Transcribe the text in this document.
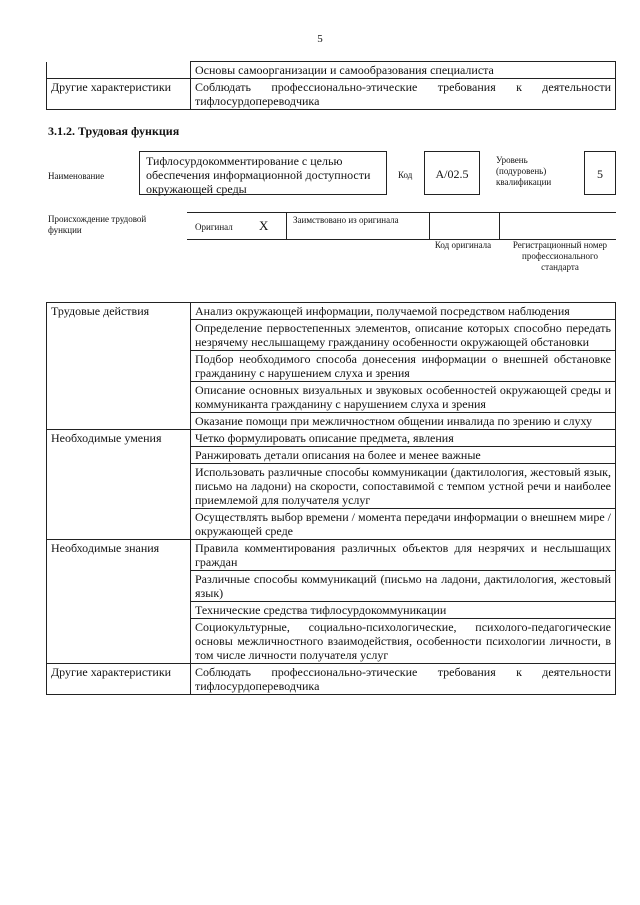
5
	Основы самоорганизации и самообразования специалиста
Другие характеристики	Соблюдать профессионально-этические требования к деятельности тифлосурдопереводчика
3.1.2. Трудовая функция
Наименование
Тифлосурдокомментирование с целью обеспечения информационной доступности окружающей среды
Код	А/02.5
Уровень (подуровень) квалификации
5
Происхождение трудовой функции	Оригинал X	Заимствовано из оригинала
Код оригинала	Регистрационный номер профессионального стандарта
Трудовые действия	Анализ окружающей информации, получаемой посредством наблюдения
	Определение первостепенных элементов, описание которых способно передать незрячему неслышащему гражданину особенности окружающей обстановки
	Подбор необходимого способа донесения информации о внешней обстановке гражданину с нарушением слуха и зрения
	Описание основных визуальных и звуковых особенностей окружающей среды и коммуниканта гражданину с нарушением слуха и зрения
	Оказание помощи при межличностном общении инвалида по зрению и слуху
Необходимые умения	Четко формулировать описание предмета, явления
	Ранжировать детали описания на более и менее важные
	Использовать различные способы коммуникации (дактилология, жестовый язык, письмо на ладони) на скорости, сопоставимой с темпом устной речи и наиболее приемлемой для получателя услуг
	Осуществлять выбор времени / момента передачи информации о внешнем мире / окружающей среде
Необходимые знания	Правила комментирования различных объектов для незрячих и неслышащих граждан
	Различные способы коммуникаций (письмо на ладони, дактилология, жестовый язык)
	Технические средства тифлосурдокоммуникации
	Социокультурные, социально-психологические, психолого-педагогические основы межличностного взаимодействия, особенности психологии личности, в том числе личности получателя услуг
Другие характеристики	Соблюдать профессионально-этические требования к деятельности тифлосурдопереводчика
